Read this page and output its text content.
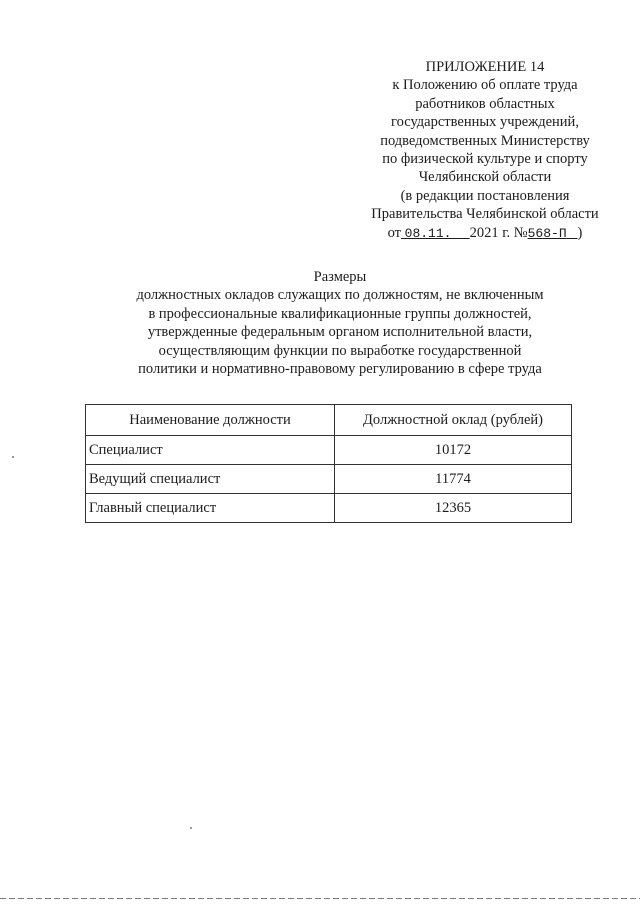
ПРИЛОЖЕНИЕ 14
к Положению об оплате труда
работников областных
государственных учреждений,
подведомственных Министерству
по физической культуре и спорту
Челябинской области
(в редакции постановления
Правительства Челябинской области
от 08.11. 2021 г. №568-П )
Размеры
должностных окладов служащих по должностям, не включенным
в профессиональные квалификационные группы должностей,
утвержденные федеральным органом исполнительной власти,
осуществляющим функции по выработке государственной
политики и нормативно-правовому регулированию в сфере труда
Наименование должности	Должностной оклад (рублей)
Специалист	10172
Ведущий специалист	11774
Главный специалист	12365
